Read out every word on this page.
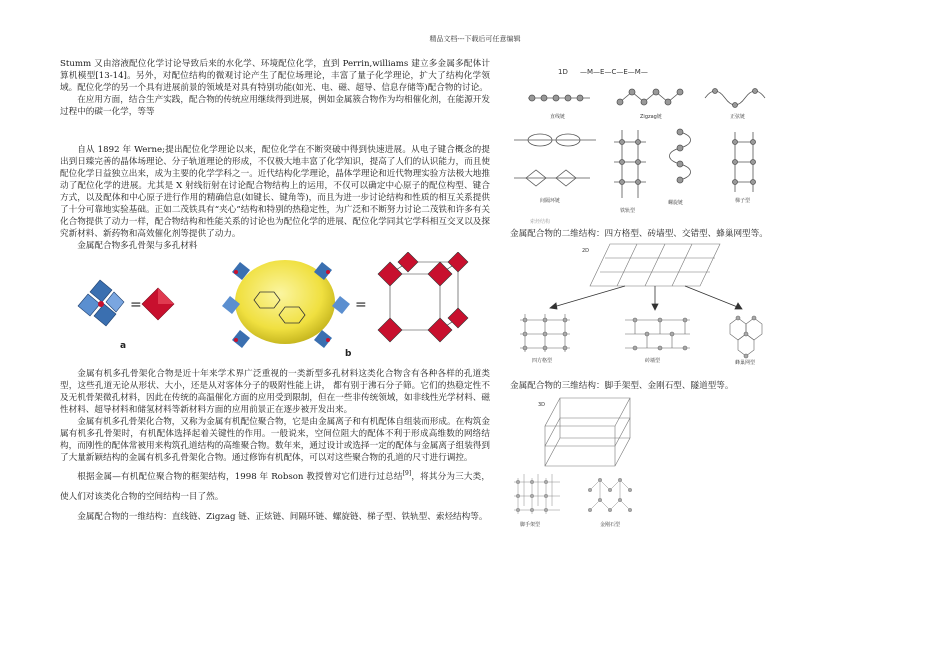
精品文档---下载后可任意编辑

Stumm 又由溶液配位化学讨论导致后来的水化学、环境配位化学，直到 Perrin,williams 建立多金属多配体计算机模型[13-14]。另外，对配位结构的微观讨论产生了配位场理论，丰富了量子化学理论，扩大了结构化学领域。配位化学的另一个具有进展前景的领域是对具有特别功能(如光、电、磁、超导、信息存储等)配合物的讨论。

在应用方面，结合生产实践，配合物的传统应用继续得到进展，例如金属簇合物作为均相催化剂，在能源开发过程中的碳一化学，等等

自从 1892 年 Werne;提出配位化学理论以来，配位化学在不断突破中得到快速进展。从电子键合概念的提出到日臻完善的晶体场理论、分子轨道理论的形成，不仅极大地丰富了化学知识，提高了人们的认识能力，而且使配位化学日益独立出来，成为主要的化学学科之一。近代结构化学理论，晶体学理论和近代物理实验方法极大地推动了配位化学的进展。尤其是 X 射线衍射在讨论配合物结构上的运用，不仅可以确定中心原子的配位构型、键合方式，以及配体和中心原子进行作用的精确信息(如键长、键角等)，而且为进一步讨论结构和性质的相互关系提供了十分可靠地实验基础。正如二茂铁具有“夹心”结构和特别的热稳定性，为广泛和不断努力讨论二茂铁和许多有关化合物提供了动力一样，配合物结构和性能关系的讨论也为配位化学的进展、配位化学同其它学科相互交叉以及探究新材料、新药物和高效催化剂等提供了动力。

金属配合物多孔骨架与多孔材料

=
a
=
b

金属有机多孔骨架化合物是近十年来学术界广泛重视的一类新型多孔材料这类化合物含有各种各样的孔道类型，这些孔道无论从形状、大小，还是从对客体分子的吸附性能上讲， 都有别于沸石分子筛。它们的热稳定性不及无机骨架微孔材料，因此在传统的高温催化方面的应用受到限制，但在一些非传统领域，如非线性光学材料、磁性材料、超导材料和储氢材料等新材料方面的应用前景正在逐步被开发出来。

金属有机多孔骨架化合物，又称为金属有机配位聚合物，它是由金属离子和有机配体自组装而形成。在构筑金属有机多孔骨架时，有机配体选择起着关键性的作用。一般说来，空间位阻大的配体不利于形成高维数的网络结构，而刚性的配体常被用来构筑孔道结构的高维聚合物。数年来，通过设计或选择一定的配体与金属离子组装得到了大量新颖结构的金属有机多孔骨架化合物。通过修饰有机配体，可以对这些聚合物的孔道的尺寸进行调控。

根据金属—有机配位聚合物的框架结构，1998 年 Robson 教授曾对它们进行过总结[9]，将其分为三大类，使人们对该类化合物的空间结构一目了然。

金属配合物的一维结构：直线链、Zigzag 链、正炫链、间隔环链、螺旋链、梯子型、铁轨型、索烃结构等。

1D —M—E—C—E—M—
直线链	Zigzag链	正弦链
间隔环链
铁轨型
螺旋链	梯子型
索烃结构

金属配合物的二维结构：四方格型、砖墙型、交错型、蜂巢网型等。

2D
四方格型	砖墙型	蜂巢网型

金属配合物的三维结构：脚手架型、金刚石型、隧道型等。

3D
脚手架型	金刚石型
